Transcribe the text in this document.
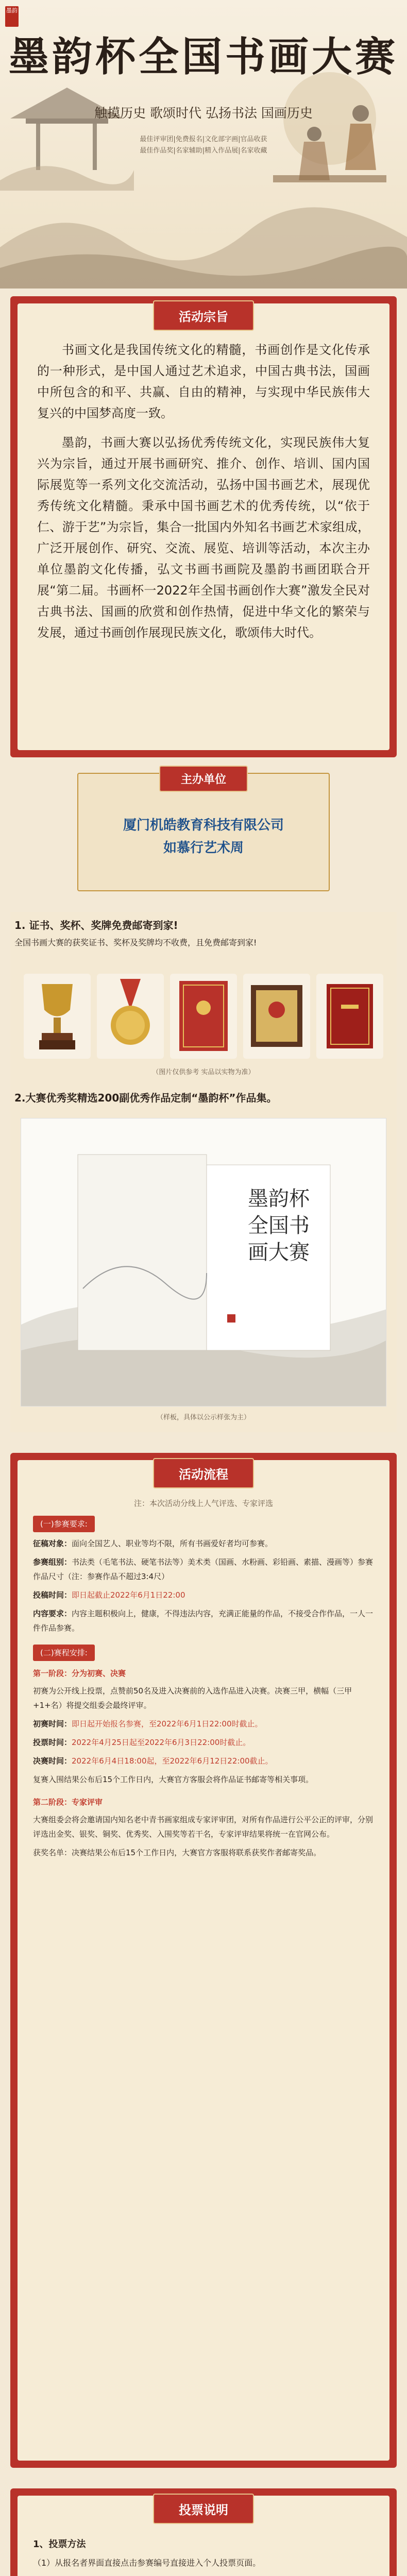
墨韵
墨韵杯全国书画大赛
触摸历史 歌颂时代 弘扬书法 国画历史
最佳评审团|免费报名|文化部字画|官品收获
最佳作品奖|名家辅助|精入作品展|名家收藏
活动宗旨

书画文化是我国传统文化的精髓，书画创作是文化传承的一种形式，是中国人通过艺术追求，中国古典书法，国画中所包含的和平、共赢、自由的精神，与实现中华民族伟大复兴的中国梦高度一致。

墨韵，书画大赛以弘扬优秀传统文化，实现民族伟大复兴为宗旨，通过开展书画研究、推介、创作、培训、国内国际展览等一系列文化交流活动，弘扬中国书画艺术，展现优秀传统文化精髓。秉承中国书画艺术的优秀传统，以“依于仁、游于艺”为宗旨，集合一批国内外知名书画艺术家组成，广泛开展创作、研究、交流、展览、培训等活动，本次主办单位墨韵文化传播，弘文书画书画院及墨韵书画团联合开展“第二届。书画杯一2022年全国书画创作大赛”激发全民对古典书法、国画的欣赏和创作热情，促进中华文化的繁荣与发展，通过书画创作展现民族文化，歌颂伟大时代。

主办单位
厦门机皓教育科技有限公司
如慕行艺术周
1. 证书、奖杯、奖牌免费邮寄到家!
全国书画大赛的获奖证书、奖杯及奖牌均不收费，且免费邮寄到家!
（图片仅供参考 实品以实物为准）
2.大赛优秀奖精选200副优秀作品定制“墨韵杯”作品集。
墨韵杯全国书画大赛
（样板，具体以公示样张为主）
活动流程

注：本次活动分线上人气评选、专家评选

(一)参赛要求:

征稿对象：面向全国艺人、职业等均不限，所有书画爱好者均可参赛。

参赛组别：书法类（毛笔书法、硬笔书法等）美术类（国画、水粉画、彩铅画、素描、漫画等）参赛作品尺寸（注：参赛作品不超过3:4尺）

投稿时间：即日起截止2022年6月1日22:00

内容要求：内容主题积极向上，健康，不得违法内容，充满正能量的作品，不接受合作作品，一人一件作品参赛。

(二)赛程安排:

第一阶段：分为初赛、决赛

初赛为公开线上投票，点赞前50名及进入决赛前的入选作品进入决赛。决赛三甲，横幅（三甲+1+名）将提交组委会最终评审。

初赛时间：即日起开始报名参赛，至2022年6月1日22:00时截止。

投票时间：2022年4月25日起至2022年6月3日22:00时截止。

决赛时间：2022年6月4日18:00起，至2022年6月12日22:00截止。

复赛入围结果公布后15个工作日内，大赛官方客服会将作品证书邮寄等相关事项。

第二阶段：专家评审

大赛组委会将会邀请国内知名老中青书画家组成专家评审团，对所有作品进行公平公正的评审，分别评选出金奖、银奖、铜奖、优秀奖、入围奖等若干名，专家评审结果将统一在官网公布。

获奖名单：决赛结果公布后15个工作日内，大赛官方客服将联系获奖作者邮寄奖品。

投票说明

1、投票方法

（1）从报名者界面直接点击参赛编号直接进入个人投票页面。
